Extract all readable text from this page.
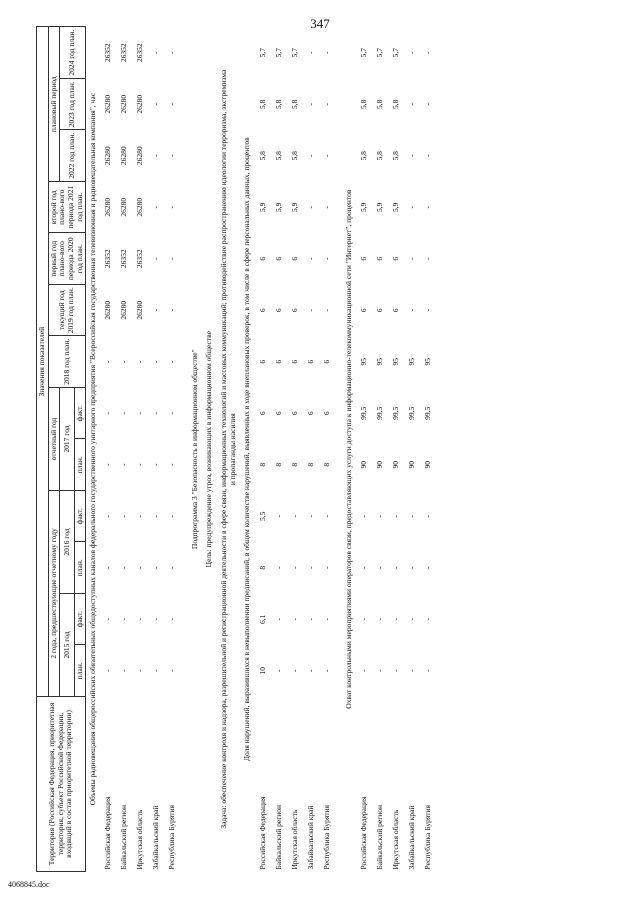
347
Территория (Российская Федерация, приоритетная территория, субъект Российской Федерации, входящий в состав приоритетной территории)	Значения показателей												
	2 года, предшествующие отчетному году				отчетный год		2018 год план.	текущий год 2019 год план.	первый год плано-вого периода 2020 год план.	второй год плано-вого периода 2021 год план.	плановый период		
	2015 год		2016 год		2017 год						2022 год план.	2023 год план.	2024 год план.
	план.	факт.	план.	факт.	план.	факт.							
Объемы радиовещания общероссийских обязательных общедоступных каналов федерального государственного унитарного предприятия "Всероссийская государственная телевизионная и радиовещательная компания", час													
Российская Федерация	-	-	-	-	-	-	-	26280	26352	26280	26280	26280	26352
Байкальский регион	-	-	-	-	-	-	-	26280	26352	26280	26280	26280	26352
Иркутская область	-	-	-	-	-	-	-	26280	26352	26280	26280	26280	26352
Забайкальский край	-	-	-	-	-	-	-	-	-	-	-	-	-
Республика Бурятия	-	-	-	-	-	-	-	-	-	-	-	-	-
Подпрограмма 3 "Безопасность в информационном обществе"													
Цель: предупреждение угроз, возникающих в информационном обществе													
Задача: обеспечение контроля и надзора, разрешительной и регистрационной деятельности в сфере связи, информационных технологий и массовых коммуникаций; противодействие распространению идеологии терроризма, экстремизма и пропаганды насилия													
Доля нарушений, выразившихся в невыполнении предписаний, в общем количестве нарушений, выявленных в ходе внеплановых проверок, в том числе в сфере персональных данных, процентов													
Российская Федерация	10	6,1	8	5,5	8	6	6	6	6	5,9	5,8	5,8	5,7
Байкальский регион	-	-	-	-	8	6	6	6	6	5,9	5,8	5,8	5,7
Иркутская область	-	-	-	-	8	6	6	6	6	5,9	5,8	5,8	5,7
Забайкальский край	-	-	-	-	8	6	6	-	-	-	-	-	-
Республика Бурятия	-	-	-	-	8	6	6	-	-	-	-	-	-
Охват контрольными мероприятиями операторов связи, предоставляющих услуги доступа к информационно-телекоммуникационной сети "Интернет", процентов													
Российская Федерация	-	-	-	-	90	99,5	95	6	6	5,9	5,8	5,8	5,7
Байкальский регион	-	-	-	-	90	99,5	95	6	6	5,9	5,8	5,8	5,7
Иркутская область	-	-	-	-	90	99,5	95	6	6	5,9	5,8	5,8	5,7
Забайкальский край	-	-	-	-	90	99,5	95	-	-	-	-	-	-
Республика Бурятия	-	-	-	-	90	99,5	95	-	-	-	-	-	-
4068845.doc
